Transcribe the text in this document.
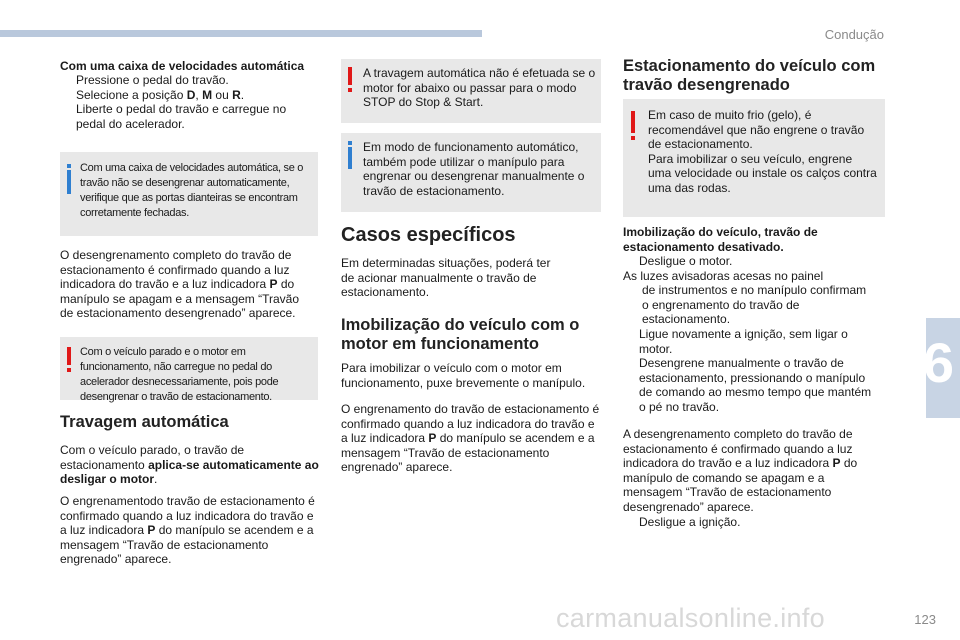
Condução
6
Com uma caixa de velocidades automática
Pressione o pedal do travão.
Selecione a posição D, M ou R.
Liberte o pedal do travão e carregue no pedal do acelerador.
Com uma caixa de velocidades automática, se o travão não se desengrenar automaticamente, verifique que as portas dianteiras se encontram corretamente fechadas.
O desengrenamento completo do travão de estacionamento é confirmado quando a luz indicadora do travão e a luz indicadora P do manípulo se apagam e a mensagem “Travão de estacionamento desengrenado” aparece.
Com o veículo parado e o motor em funcionamento, não carregue no pedal do acelerador desnecessariamente, pois pode desengrenar o travão de estacionamento.
Travagem automática
Com o veículo parado, o travão de estacionamento aplica-se automaticamente ao desligar o motor.
O engrenamentodo travão de estacionamento é confirmado quando a luz indicadora do travão e a luz indicadora P do manípulo se acendem e a mensagem “Travão de estacionamento engrenado” aparece.
A travagem automática não é efetuada se o motor for abaixo ou passar para o modo STOP do Stop & Start.
Em modo de funcionamento automático, também pode utilizar o manípulo para engrenar ou desengrenar manualmente o travão de estacionamento.
Casos específicos
Em determinadas situações, poderá ter de acionar manualmente o travão de estacionamento.
Imobilização do veículo com o motor em funcionamento
Para imobilizar o veículo com o motor em funcionamento, puxe brevemente o manípulo.
O engrenamento do travão de estacionamento é confirmado quando a luz indicadora do travão e a luz indicadora P do manípulo se acendem e a mensagem “Travão de estacionamento engrenado” aparece.
Estacionamento do veículo com travão desengrenado
Em caso de muito frio (gelo), é recomendável que não engrene o travão de estacionamento.
Para imobilizar o seu veículo, engrene uma velocidade ou instale os calços contra uma das rodas.
Imobilização do veículo, travão de estacionamento desativado.
Desligue o motor.
As luzes avisadoras acesas no painel
de instrumentos e no manípulo confirmam o engrenamento do travão de estacionamento.
Ligue novamente a ignição, sem ligar o motor.
Desengrene manualmente o travão de estacionamento, pressionando o manípulo de comando ao mesmo tempo que mantém o pé no travão.
A desengrenamento completo do travão de estacionamento é confirmado quando a luz indicadora do travão e a luz indicadora P do manípulo de comando se apagam e a mensagem “Travão de estacionamento desengrenado” aparece.
Desligue a ignição.
carmanualsonline.info	123
